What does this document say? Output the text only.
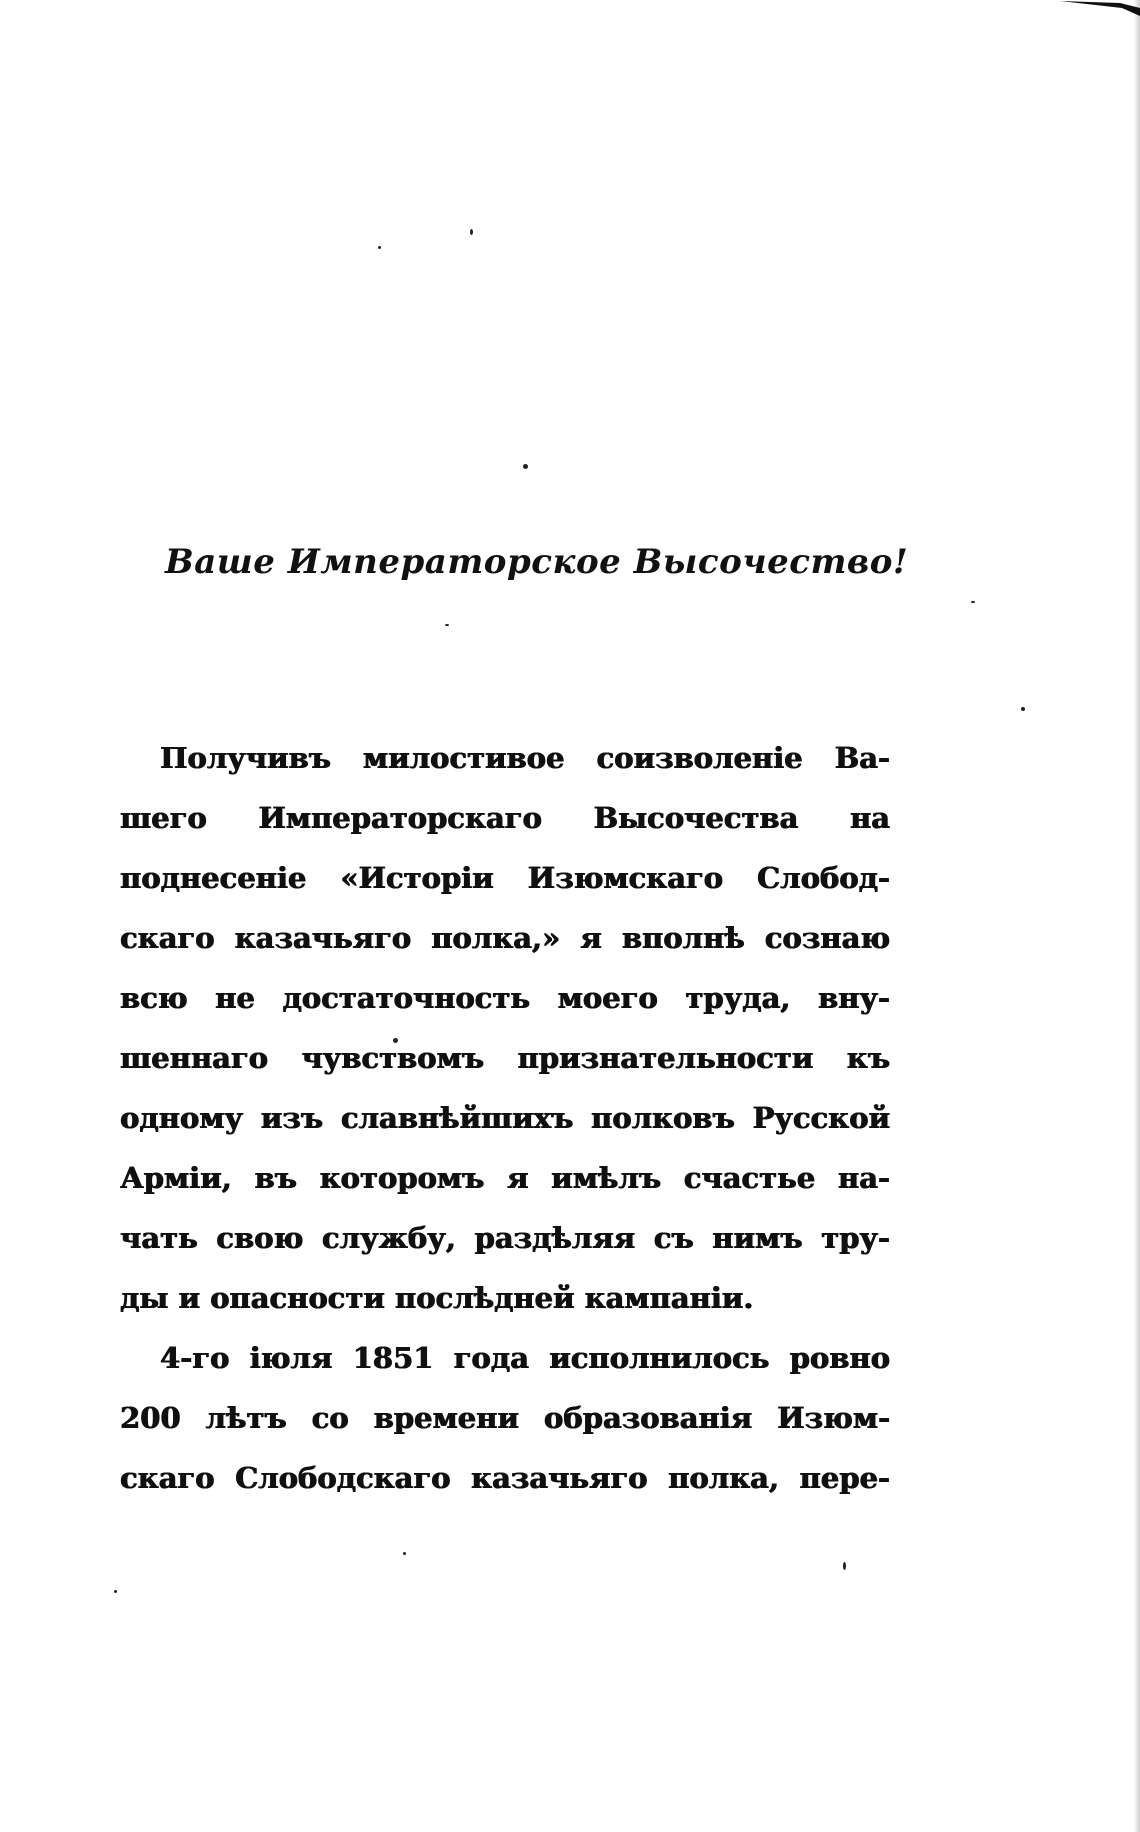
Ваше Императорское Высочество!
Получивъ милостивое соизволеніе Ва-
шего Императорскаго Высочества на
поднесеніе «Исторіи Изюмскаго Слобод-
скаго казачьяго полка,» я вполнѣ сознаю
всю не достаточность моего труда, вну-
шеннаго чувствомъ признательности къ
одному изъ славнѣйшихъ полковъ Русской
Арміи, въ которомъ я имѣлъ счастье на-
чать свою службу, раздѣляя съ нимъ тру-
ды и опасности послѣдней кампаніи.
4-го іюля 1851 года исполнилось ровно
200 лѣтъ со времени образованія Изюм-
скаго Слободскаго казачьяго полка, пере-
